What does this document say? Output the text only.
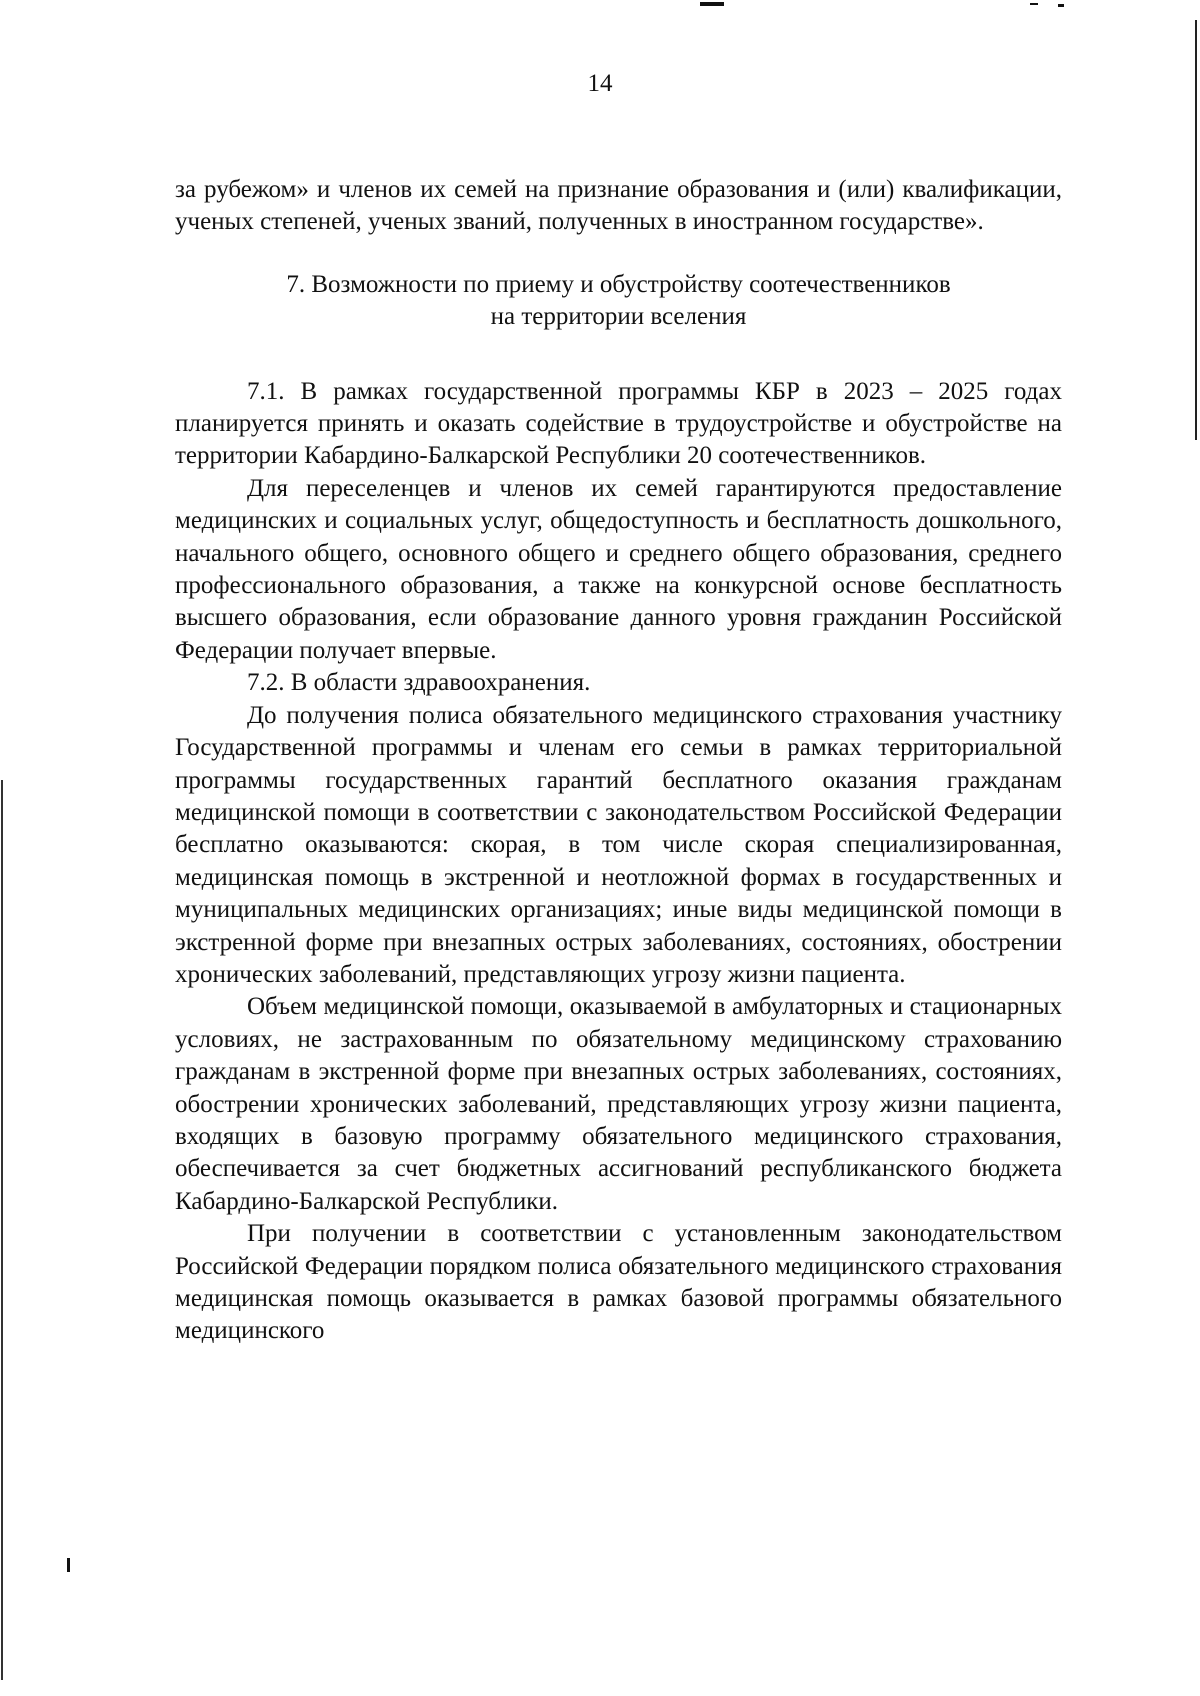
14

за рубежом» и членов их семей на признание образования и (или) квалификации, ученых степеней, ученых званий, полученных в иностранном государстве».

7. Возможности по приему и обустройству соотечественников
на территории вселения

7.1. В рамках государственной программы КБР в 2023 – 2025 годах планируется принять и оказать содействие в трудоустройстве и обустройстве на территории Кабардино-Балкарской Республики 20 соотечественников.

Для переселенцев и членов их семей гарантируются предоставление медицинских и социальных услуг, общедоступность и бесплатность дошкольного, начального общего, основного общего и среднего общего образования, среднего профессионального образования, а также на конкурсной основе бесплатность высшего образования, если образование данного уровня гражданин Российской Федерации получает впервые.

7.2. В области здравоохранения.

До получения полиса обязательного медицинского страхования участнику Государственной программы и членам его семьи в рамках территориальной программы государственных гарантий бесплатного оказания гражданам медицинской помощи в соответствии с законодательством Российской Федерации бесплатно оказываются: скорая, в том числе скорая специализированная, медицинская помощь в экстренной и неотложной формах в государственных и муниципальных медицинских организациях; иные виды медицинской помощи в экстренной форме при внезапных острых заболеваниях, состояниях, обострении хронических заболеваний, представляющих угрозу жизни пациента.

Объем медицинской помощи, оказываемой в амбулаторных и стационарных условиях, не застрахованным по обязательному медицинскому страхованию гражданам в экстренной форме при внезапных острых заболеваниях, состояниях, обострении хронических заболеваний, представляющих угрозу жизни пациента, входящих в базовую программу обязательного медицинского страхования, обеспечивается за счет бюджетных ассигнований республиканского бюджета Кабардино-Балкарской Республики.

При получении в соответствии с установленным законодательством Российской Федерации порядком полиса обязательного медицинского страхования медицинская помощь оказывается в рамках базовой программы обязательного медицинского
